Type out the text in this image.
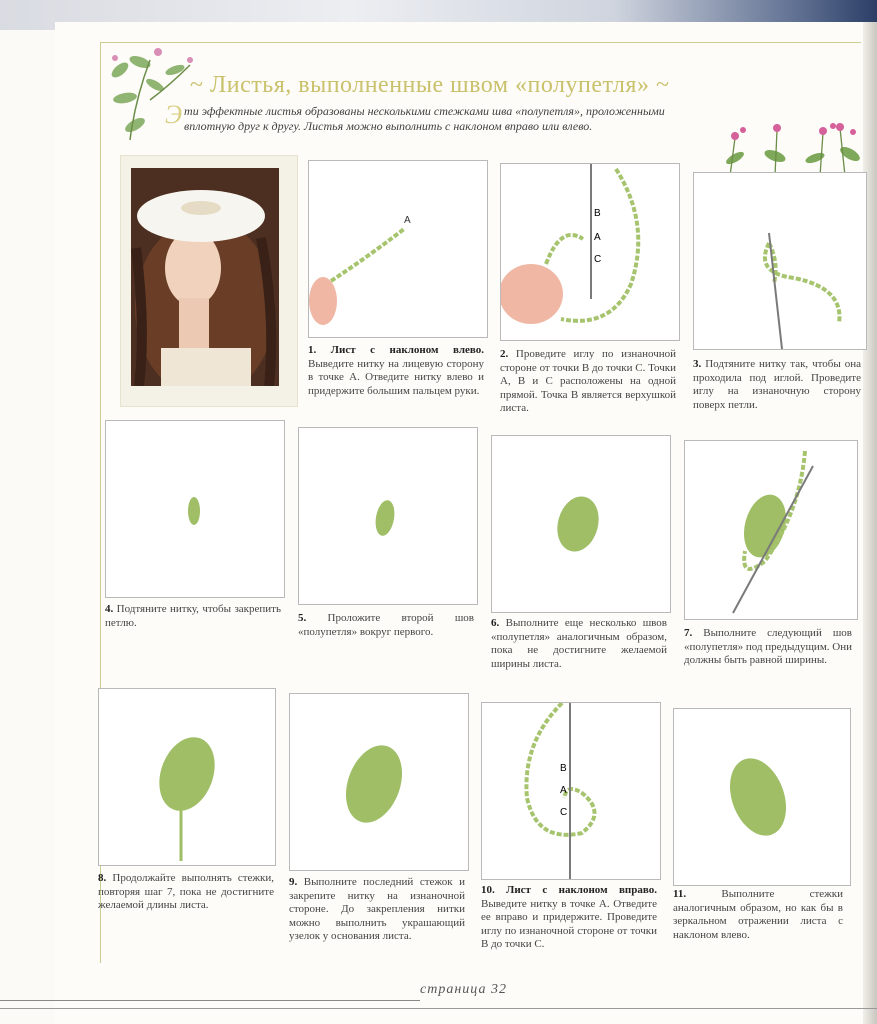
~ Листья, выполненные швом «полупетля» ~
Эти эффектные листья образованы несколькими стежками шва «полупетля», проложенными вплотную друг к другу. Листья можно выполнить с наклоном вправо или влево.
A
B
A
C
1. Лист с наклоном влево. Выведите нитку на лицевую сторону в точке А. Отведите нитку влево и придержите большим пальцем руки.
2. Проведите иглу по изнаночной стороне от точки В до точки С. Точки А, В и С расположены на одной прямой. Точка В является верхушкой листа.
3. Подтяните нитку так, чтобы она проходила под иглой. Проведите иглу на изнаночную сторону поверх петли.
4. Подтяните нитку, чтобы закрепить петлю.	5. Проложите второй шов «полупетля» вокруг первого.
6. Выполните еще несколько швов «полупетля» аналогичным образом, пока не достигните желаемой ширины листа.
7. Выполните следующий шов «полупетля» под предыдущим. Они должны быть равной ширины.
B
A
C
8. Продолжайте выполнять стежки, повторяя шаг 7, пока не достигните желаемой длины листа.
9. Выполните последний стежок и закрепите нитку на изнаночной стороне. До закрепления нитки можно выполнить украшающий узелок у основания листа.
10. Лист с наклоном вправо. Выведите нитку в точке А. Отведите ее вправо и придержите. Проведите иглу по изнаночной стороне от точки В до точки С.
11. Выполните стежки аналогичным образом, но как бы в зеркальном отражении листа с наклоном влево.
страница 32
